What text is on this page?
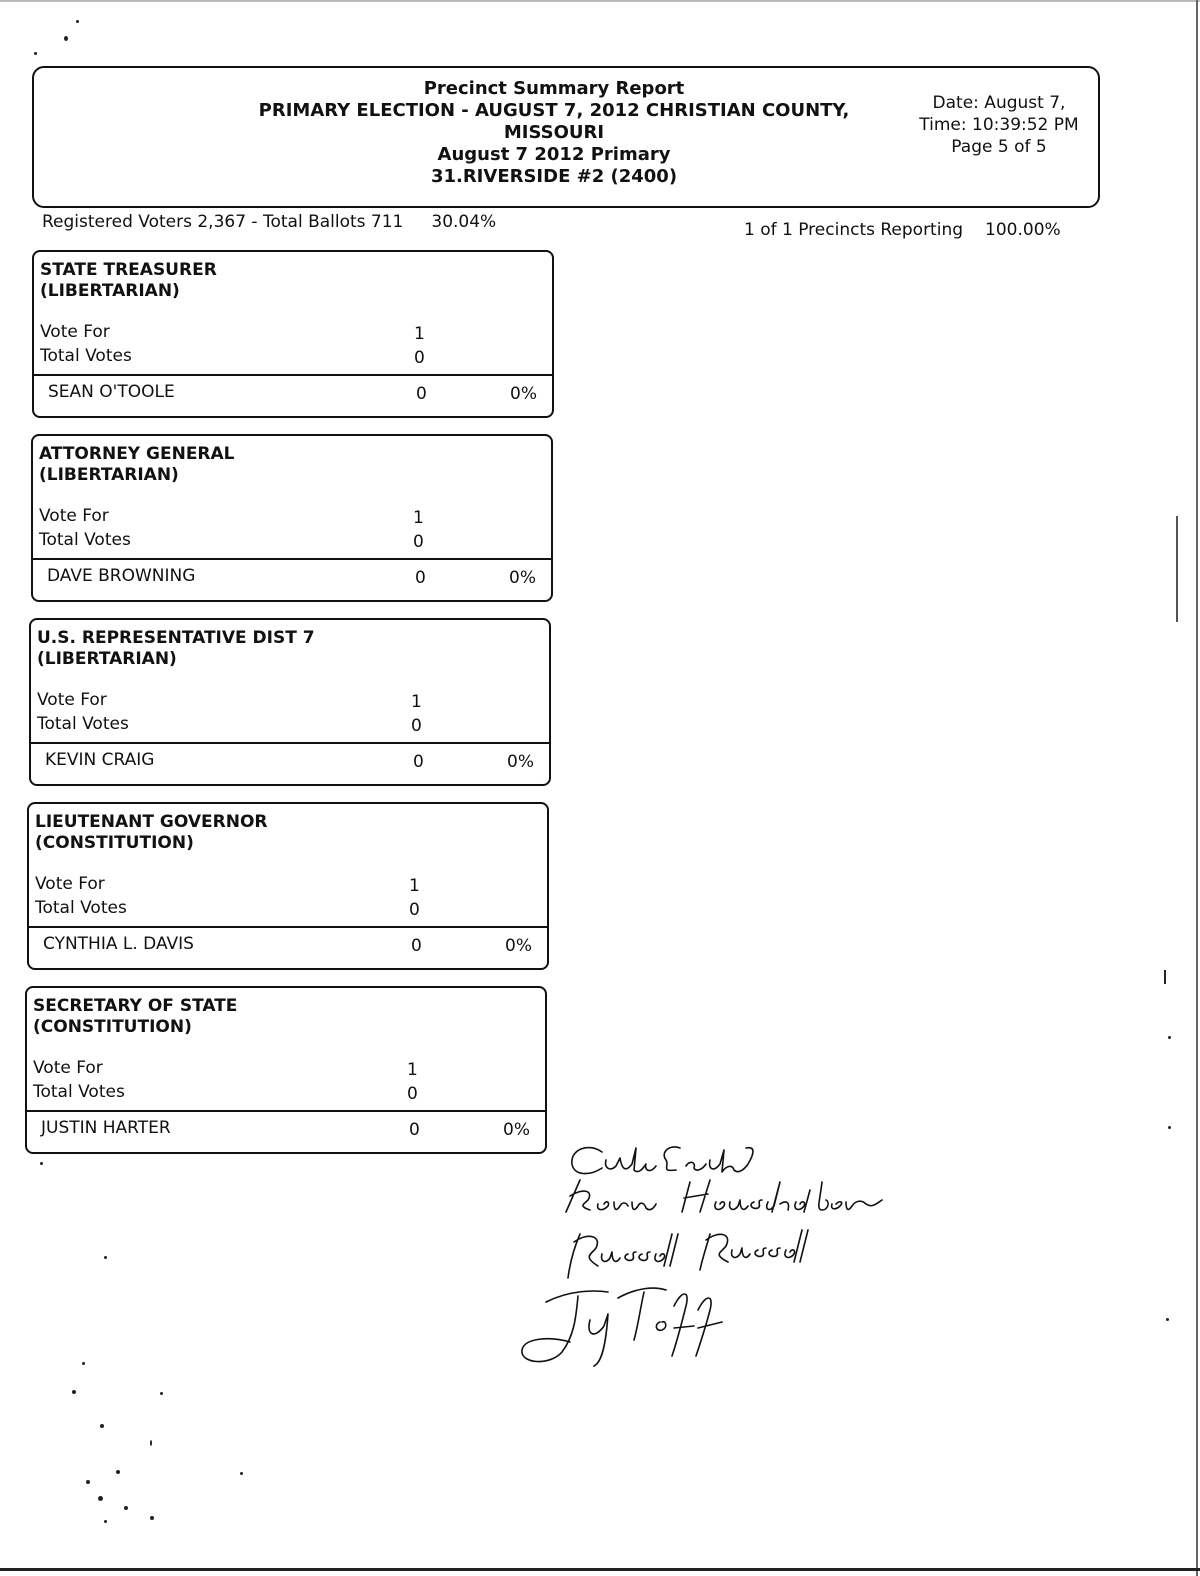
Precinct Summary Report
PRIMARY ELECTION - AUGUST 7, 2012 CHRISTIAN COUNTY,
MISSOURI
August 7 2012 Primary
31.RIVERSIDE #2 (2400)
Date: August 7,
Time: 10:39:52 PM
Page 5 of 5
Registered Voters 2,367 - Total Ballots 711 30.04%	1 of 1 Precincts Reporting 100.00%
STATE TREASURER
(LIBERTARIAN)
Vote For	1
Total Votes	0
SEAN O'TOOLE	0	0%
ATTORNEY GENERAL
(LIBERTARIAN)
Vote For	1
Total Votes	0
DAVE BROWNING	0	0%
U.S. REPRESENTATIVE DIST 7
(LIBERTARIAN)
Vote For	1
Total Votes	0
KEVIN CRAIG	0	0%
LIEUTENANT GOVERNOR
(CONSTITUTION)
Vote For	1
Total Votes	0
CYNTHIA L. DAVIS	0	0%
SECRETARY OF STATE
(CONSTITUTION)
Vote For	1
Total Votes	0
JUSTIN HARTER	0	0%
